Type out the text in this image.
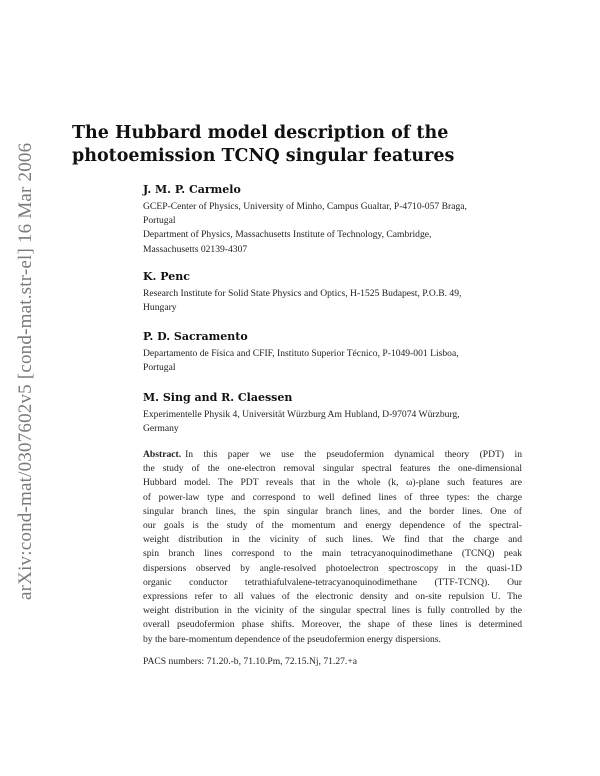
arXiv:cond-mat/0307602v5 [cond-mat.str-el] 16 Mar 2006
The Hubbard model description of the
photoemission TCNQ singular features
J. M. P. Carmelo
GCEP-Center of Physics, University of Minho, Campus Gualtar, P-4710-057 Braga,
Portugal
Department of Physics, Massachusetts Institute of Technology, Cambridge,
Massachusetts 02139-4307
K. Penc
Research Institute for Solid State Physics and Optics, H-1525 Budapest, P.O.B. 49,
Hungary
P. D. Sacramento
Departamento de Física and CFIF, Instituto Superior Técnico, P-1049-001 Lisboa,
Portugal
M. Sing and R. Claessen
Experimentelle Physik 4, Universität Würzburg Am Hubland, D-97074 Würzburg,
Germany
Abstract. In this paper we use the pseudofermion dynamical theory (PDT) in
the study of the one-electron removal singular spectral features the one-dimensional
Hubbard model. The PDT reveals that in the whole (k, ω)-plane such features are
of power-law type and correspond to well defined lines of three types: the charge
singular branch lines, the spin singular branch lines, and the border lines. One of
our goals is the study of the momentum and energy dependence of the spectral-
weight distribution in the vicinity of such lines. We find that the charge and
spin branch lines correspond to the main tetracyanoquinodimethane (TCNQ) peak
dispersions observed by angle-resolved photoelectron spectroscopy in the quasi-1D
organic conductor tetrathiafulvalene-tetracyanoquinodimethane (TTF-TCNQ). Our
expressions refer to all values of the electronic density and on-site repulsion U. The
weight distribution in the vicinity of the singular spectral lines is fully controlled by the
overall pseudofermion phase shifts. Moreover, the shape of these lines is determined
by the bare-momentum dependence of the pseudofermion energy dispersions.
PACS numbers: 71.20.-b, 71.10.Pm, 72.15.Nj, 71.27.+a
